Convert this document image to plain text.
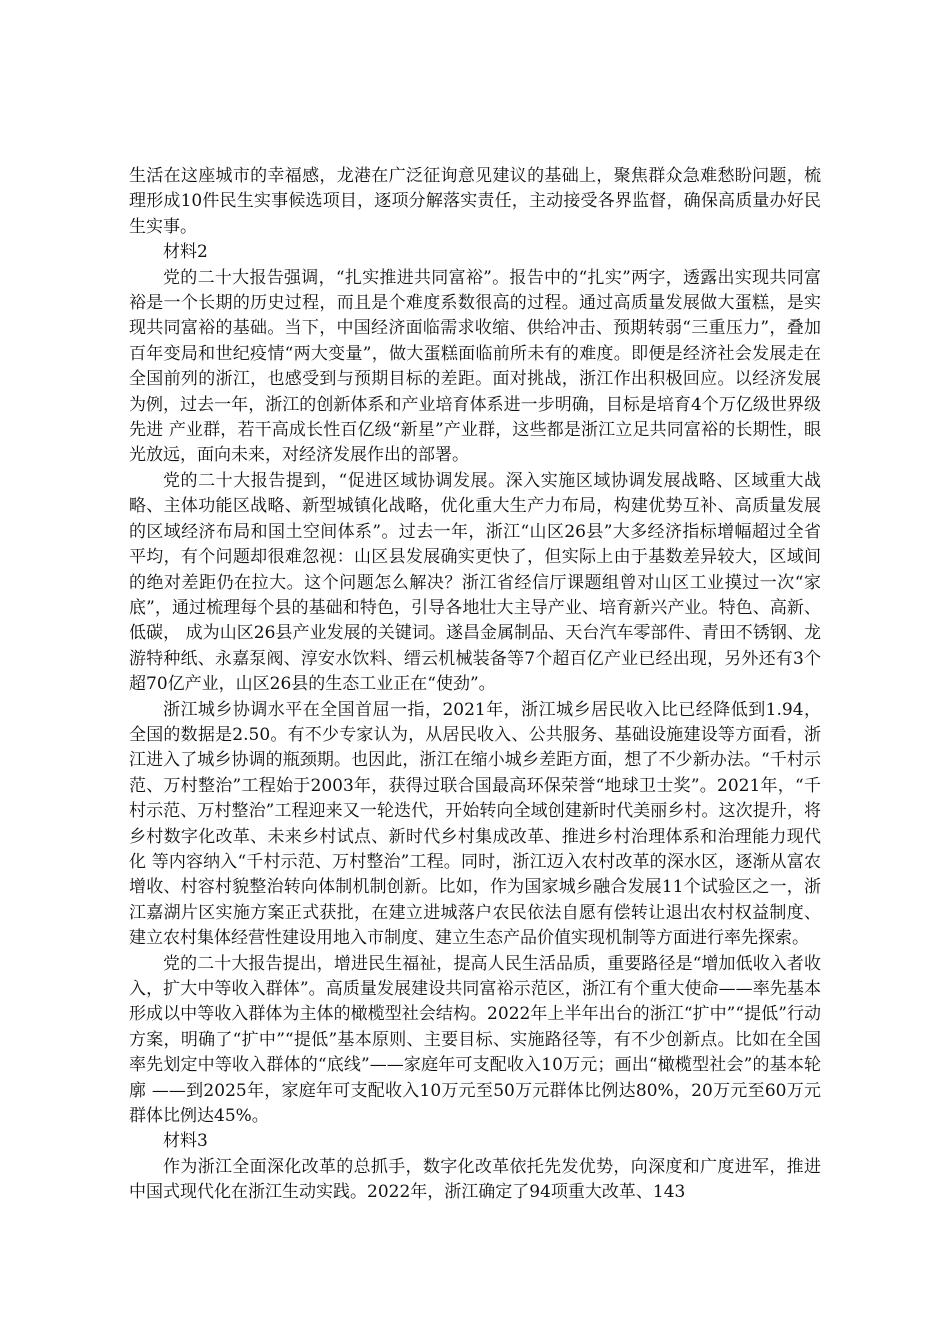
生活在这座城市的幸福感，龙港在广泛征询意见建议的基础上，聚焦群众急难愁盼问题，梳理形成10件民生实事候选项目，逐项分解落实责任，主动接受各界监督，确保高质量办好民生实事。

材料2

党的二十大报告强调，“扎实推进共同富裕”。报告中的“扎实”两字，透露出实现共同富裕是一个长期的历史过程，而且是个难度系数很高的过程。通过高质量发展做大蛋糕，是实现共同富裕的基础。当下，中国经济面临需求收缩、供给冲击、预期转弱“三重压力”，叠加百年变局和世纪疫情“两大变量”，做大蛋糕面临前所未有的难度。即便是经济社会发展走在全国前列的浙江，也感受到与预期目标的差距。面对挑战，浙江作出积极回应。以经济发展为例，过去一年，浙江的创新体系和产业培育体系进一步明确，目标是培育4个万亿级世界级先进 产业群，若干高成长性百亿级“新星”产业群，这些都是浙江立足共同富裕的长期性，眼光放远，面向未来，对经济发展作出的部署。

党的二十大报告提到，“促进区域协调发展。深入实施区域协调发展战略、区域重大战略、主体功能区战略、新型城镇化战略，优化重大生产力布局，构建优势互补、高质量发展的区域经济布局和国土空间体系”。过去一年，浙江“山区26县”大多经济指标增幅超过全省平均，有个问题却很难忽视：山区县发展确实更快了，但实际上由于基数差异较大，区域间的绝对差距仍在拉大。这个问题怎么解决？浙江省经信厅课题组曾对山区工业摸过一次“家底”，通过梳理每个县的基础和特色，引导各地壮大主导产业、培育新兴产业。特色、高新、低碳， 成为山区26县产业发展的关键词。遂昌金属制品、天台汽车零部件、青田不锈钢、龙游特种纸、永嘉泵阀、淳安水饮料、缙云机械装备等7个超百亿产业已经出现，另外还有3个超70亿产业，山区26县的生态工业正在“使劲”。

浙江城乡协调水平在全国首屈一指，2021年，浙江城乡居民收入比已经降低到1.94，全国的数据是2.50。有不少专家认为，从居民收入、公共服务、基础设施建设等方面看，浙江进入了城乡协调的瓶颈期。也因此，浙江在缩小城乡差距方面，想了不少新办法。“千村示范、万村整治”工程始于2003年，获得过联合国最高环保荣誉“地球卫士奖”。2021年，“千村示范、万村整治”工程迎来又一轮迭代，开始转向全域创建新时代美丽乡村。这次提升，将乡村数字化改革、未来乡村试点、新时代乡村集成改革、推进乡村治理体系和治理能力现代化 等内容纳入“千村示范、万村整治”工程。同时，浙江迈入农村改革的深水区，逐渐从富农增收、村容村貌整治转向体制机制创新。比如，作为国家城乡融合发展11个试验区之一，浙江嘉湖片区实施方案正式获批，在建立进城落户农民依法自愿有偿转让退出农村权益制度、建立农村集体经营性建设用地入市制度、建立生态产品价值实现机制等方面进行率先探索。

党的二十大报告提出，增进民生福祉，提高人民生活品质，重要路径是“增加低收入者收入，扩大中等收入群体”。高质量发展建设共同富裕示范区，浙江有个重大使命——率先基本形成以中等收入群体为主体的橄榄型社会结构。2022年上半年出台的浙江“扩中”“提低”行动方案，明确了“扩中”“提低”基本原则、主要目标、实施路径等，有不少创新点。比如在全国率先划定中等收入群体的“底线”——家庭年可支配收入10万元；画出“橄榄型社会”的基本轮廓 ——到2025年，家庭年可支配收入10万元至50万元群体比例达80%，20万元至60万元群体比例达45%。

材料3

作为浙江全面深化改革的总抓手，数字化改革依托先发优势，向深度和广度进军，推进中国式现代化在浙江生动实践。2022年，浙江确定了94项重大改革、143
